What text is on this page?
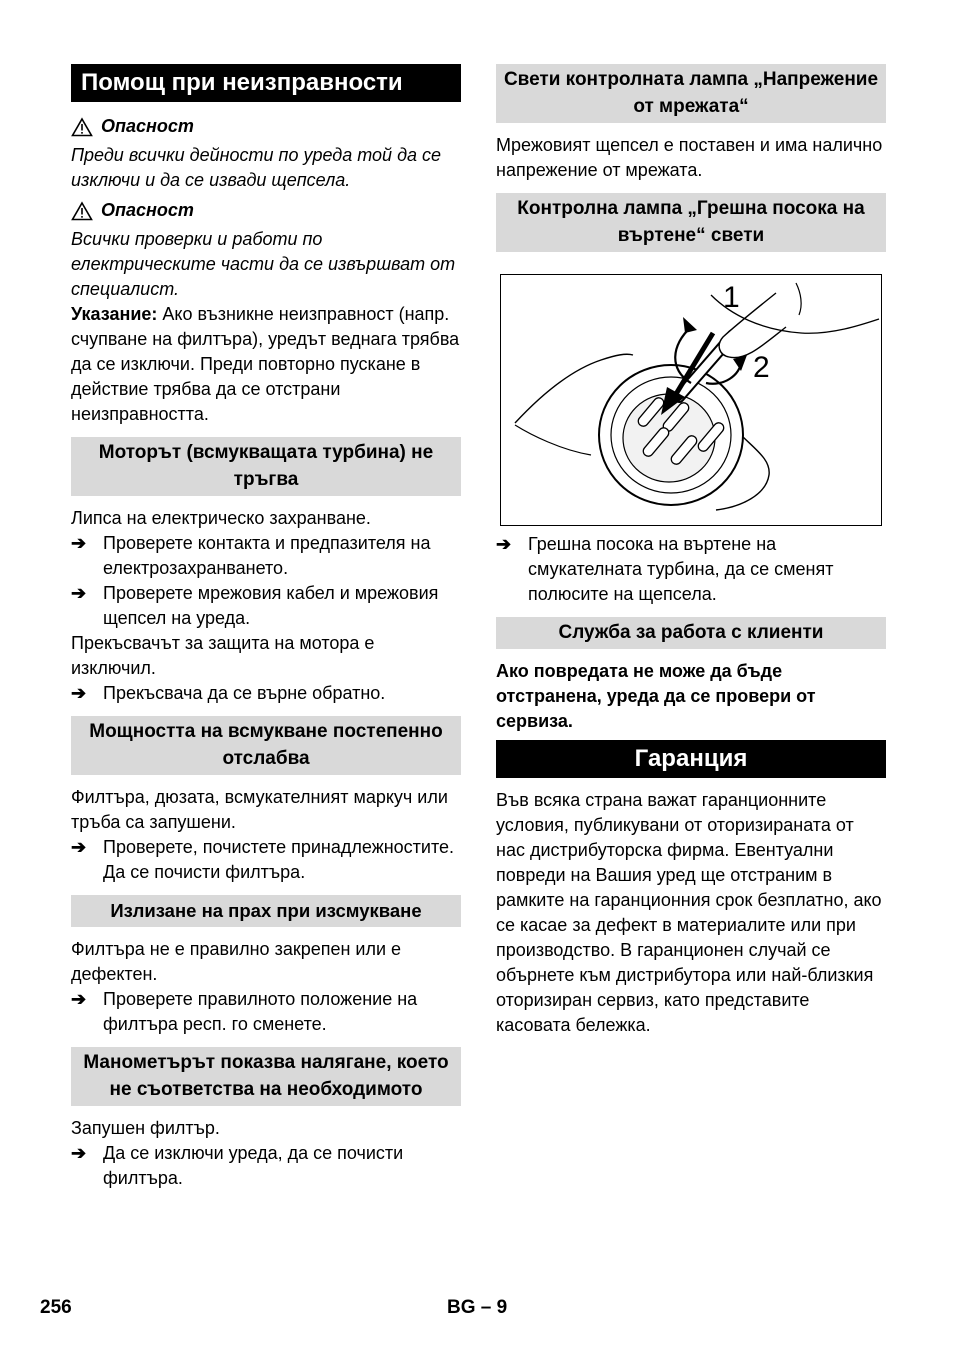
Помощ при неизправности
Опасност

Преди всички дейности по уреда той да се изключи и да се извади щепсела.

Опасност

Всички проверки и работи по електрическите части да се извършват от специалист.

Указание: Ако възникне неизправност (напр. счупване на филтъра), уредът веднага трябва да се изключи. Преди повторно пускане в действие трябва да се отстрани неизправността.

Моторът (всмукващата турбина) не тръгва

Липса на електрическо захранване.

➔ Проверете контакта и предпазителя на електрозахранването.
➔ Проверете мрежовия кабел и мрежовия щепсел на уреда.

Прекъсвачът за защита на мотора е изключил.

➔ Прекъсвача да се върне обратно.
Мощността на всмукване постепенно отслабва

Филтъра, дюзата, всмукателният маркуч или тръба са запушени.

➔ Проверете, почистете принадлежностите. Да се почисти филтъра.
Излизане на прах при изсмукване

Филтъра не е правилно закрепен или е дефектен.

➔ Проверете правилното положение на филтъра респ. го сменете.
Манометърът показва налягане, което не съответства на необходимото

Запушен филтър.

➔ Да се изключи уреда, да се почисти филтъра.
Свети контролната лампа „Напрежение от мрежата“

Мрежовият щепсел е поставен и има налично напрежение от мрежата.

Контролна лампа „Грешна посока на въртене“ свети
1
2
➔ Грешна посока на въртене на смукателната турбина, да се сменят полюсите на щепсела.
Служба за работа с клиенти

Ако повредата не може да бъде отстранена, уреда да се провери от сервиза.

Гаранция

Във всяка страна важат гаранционните условия, публикувани от оторизираната от нас дистрибуторска фирма. Евентуални повреди на Вашия уред ще отстраним в рамките на гаранционния срок безплатно, ако се касае за дефект в материалите или при производство. В гаранционен случай се обърнете към дистрибутора или най-близкия оторизиран сервиз, като представите касовата бележка.

256	BG – 9
